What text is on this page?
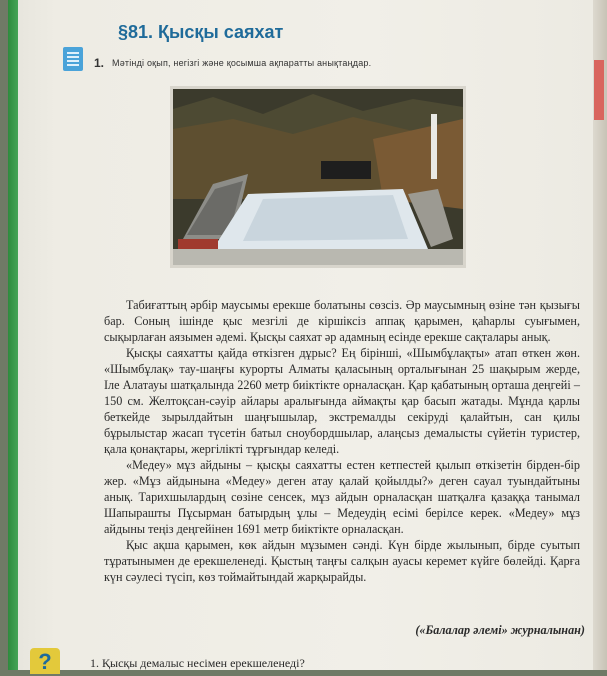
§81. Қысқы саяхат
1. Мәтінді оқып, негізгі және қосымша ақпаратты анықтаңдар.

Табиғаттың әрбір маусымы ерекше болатыны сөзсіз. Әр маусымның өзіне тән қызығы бар. Соның ішінде қыс мезгілі де кіршіксіз аппақ қарымен, қаһарлы суығымен, сықырлаған аязымен әдемі. Қысқы саяхат әр адамның есінде ерекше сақталары анық.

Қысқы саяхатты қайда өткізген дұрыс? Ең бірінші, «Шымбұлақты» атап өткен жөн. «Шымбұлақ» тау-шаңғы курорты Алматы қаласының орталығынан 25 шақырым жерде, Іле Алатауы шатқалында 2260 метр биіктікте орналасқан. Қар қабатының орташа деңгейі – 150 см. Желтоқсан-сәуір айлары аралығында аймақты қар басып жатады. Мұнда қарлы беткейде зырылдайтын шаңғышылар, экстремалды секіруді қалайтын, сан қилы бұрылыстар жасап түсетін батыл сноубордшылар, алаңсыз демалысты сүйетін туристер, қала қонақтары, жергілікті тұрғындар келеді.

«Медеу» мұз айдыны – қысқы саяхатты естен кетпестей қылып өткізетін бірден-бір жер. «Мұз айдынына «Медеу» деген атау қалай қойылды?» деген сауал туындайтыны анық. Тарихшылардың сөзіне сенсек, мұз айдын орналасқан шатқалға қазаққа танымал Шапырашты Пұсырман батырдың ұлы – Медеудің есімі берілсе керек. «Медеу» мұз айдыны теңіз деңгейінен 1691 метр биіктікте орналасқан.

Қыс ақша қарымен, көк айдын мұзымен сәнді. Күн бірде жылынып, бірде суытып тұратынымен де ерекшеленеді. Қыстың таңғы салқын ауасы керемет күйге бөлейді. Қарға күн сәулесі түсіп, көз тоймайтындай жарқырайды.

(«Балалар әлемі» журналынан)
?	1. Қысқы демалыс несімен ерекшеленеді?
